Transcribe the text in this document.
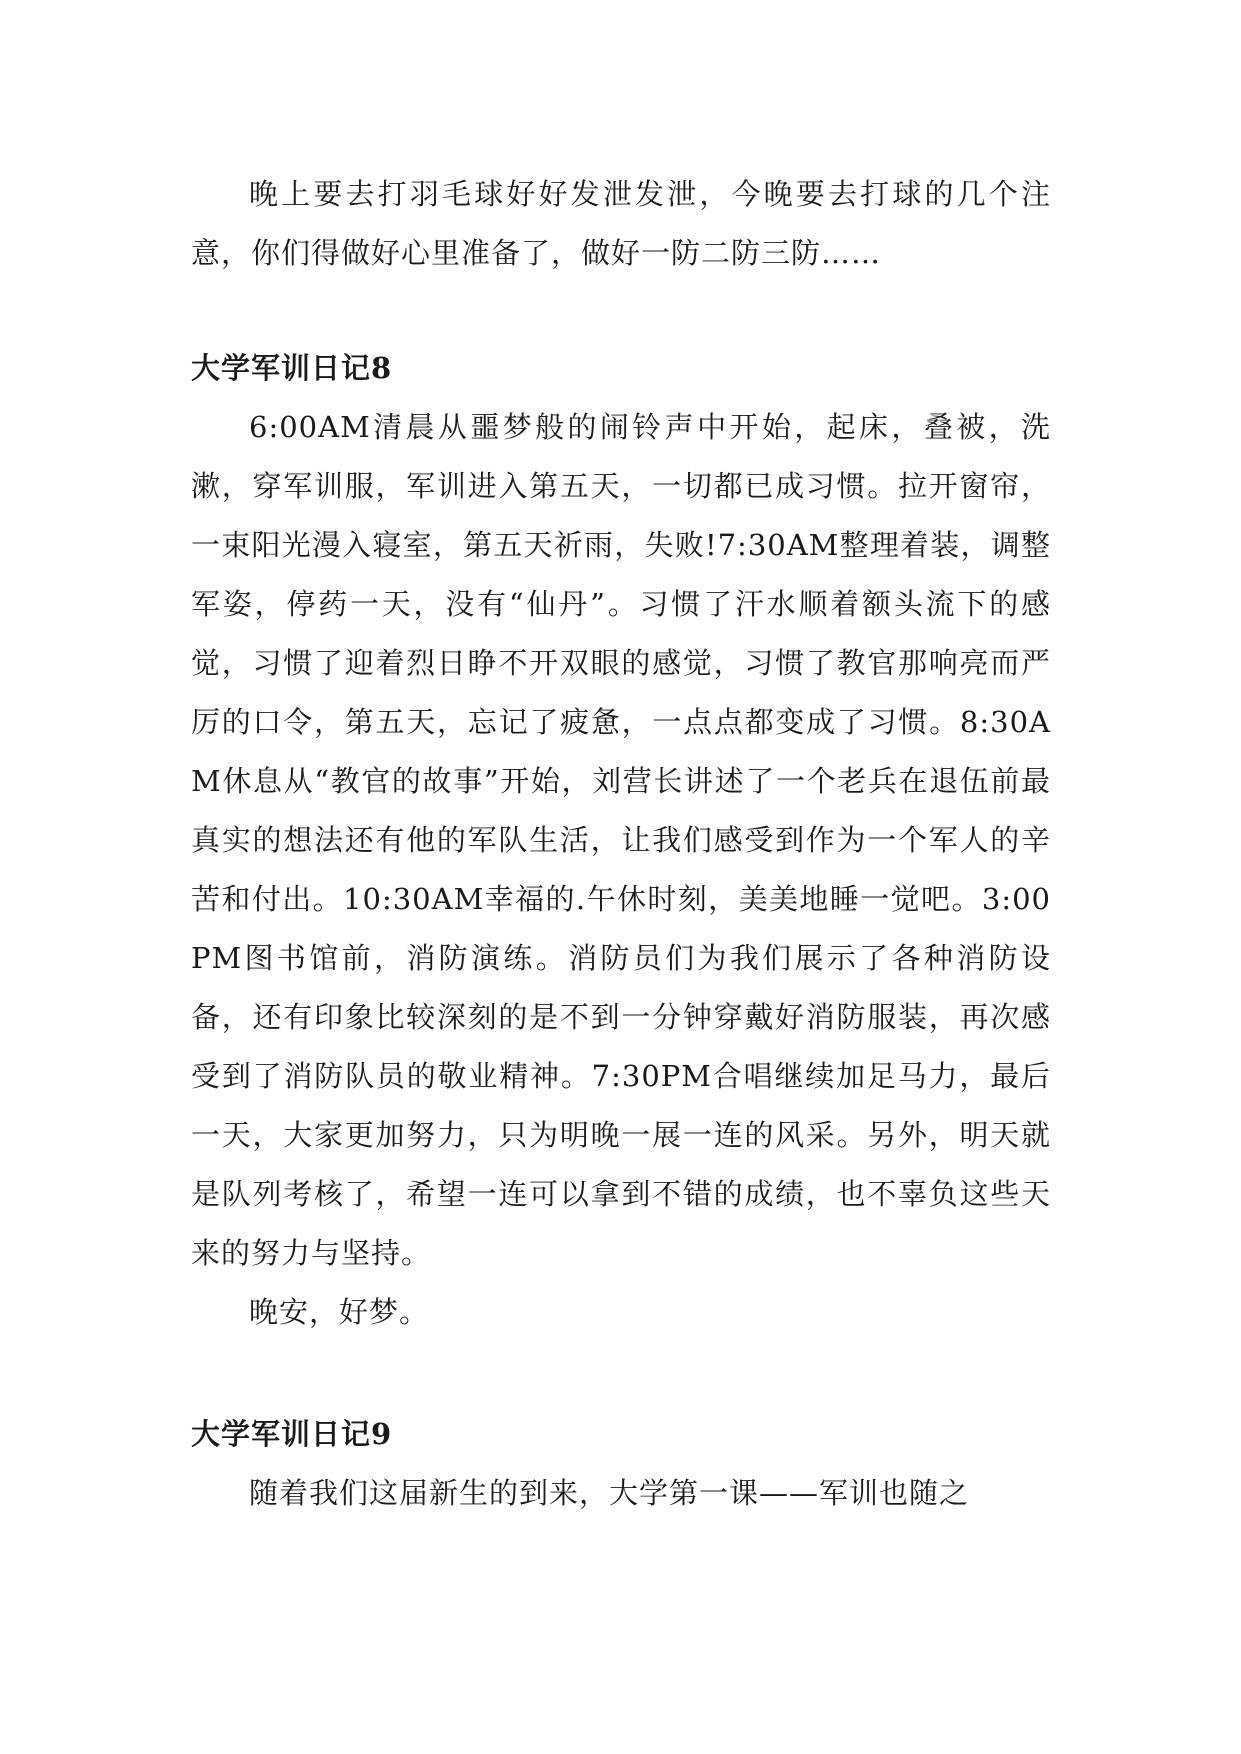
晚上要去打羽毛球好好发泄发泄，今晚要去打球的几个注意，你们得做好心里准备了，做好一防二防三防……

大学军训日记8

6:00AM清晨从噩梦般的闹铃声中开始，起床，叠被，洗漱，穿军训服，军训进入第五天，一切都已成习惯。拉开窗帘，一束阳光漫入寝室，第五天祈雨，失败!7:30AM整理着装，调整军姿，停药一天，没有“仙丹”。习惯了汗水顺着额头流下的感觉，习惯了迎着烈日睁不开双眼的感觉，习惯了教官那响亮而严厉的口令，第五天，忘记了疲惫，一点点都变成了习惯。8:30AM休息从“教官的故事”开始，刘营长讲述了一个老兵在退伍前最真实的想法还有他的军队生活，让我们感受到作为一个军人的辛苦和付出。10:30AM幸福的.午休时刻，美美地睡一觉吧。3:00PM图书馆前，消防演练。消防员们为我们展示了各种消防设备，还有印象比较深刻的是不到一分钟穿戴好消防服装，再次感受到了消防队员的敬业精神。7:30PM合唱继续加足马力，最后一天，大家更加努力，只为明晚一展一连的风采。另外，明天就是队列考核了，希望一连可以拿到不错的成绩，也不辜负这些天来的努力与坚持。

晚安，好梦。

大学军训日记9

随着我们这届新生的到来，大学第一课——军训也随之
